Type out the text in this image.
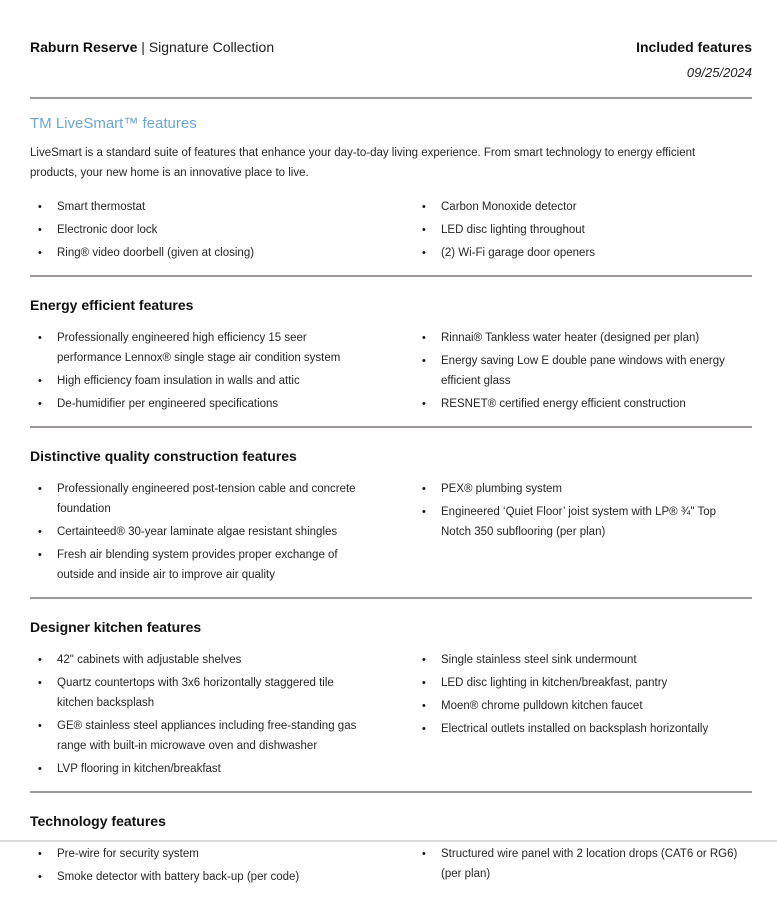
Raburn Reserve | Signature Collection	Included features
09/25/2024
TM LiveSmart™ features

LiveSmart is a standard suite of features that enhance your day-to-day living experience. From smart technology to energy efficient products, your new home is an innovative place to live.

• Smart thermostat
• Electronic door lock
• Ring® video doorbell (given at closing)
• Carbon Monoxide detector
• LED disc lighting throughout
• (2) Wi-Fi garage door openers
Energy efficient features
• Professionally engineered high efficiency 15 seer performance Lennox® single stage air condition system
• High efficiency foam insulation in walls and attic
• De-humidifier per engineered specifications
• Rinnai® Tankless water heater (designed per plan)
• Energy saving Low E double pane windows with energy efficient glass
• RESNET® certified energy efficient construction
Distinctive quality construction features
• Professionally engineered post-tension cable and concrete foundation
• Certainteed® 30-year laminate algae resistant shingles
• Fresh air blending system provides proper exchange of outside and inside air to improve air quality
• PEX® plumbing system
• Engineered ‘Quiet Floor’ joist system with LP® ¾" Top Notch 350 subflooring (per plan)
Designer kitchen features
• 42" cabinets with adjustable shelves
• Quartz countertops with 3x6 horizontally staggered tile kitchen backsplash
• GE® stainless steel appliances including free-standing gas range with built-in microwave oven and dishwasher
• LVP flooring in kitchen/breakfast
• Single stainless steel sink undermount
• LED disc lighting in kitchen/breakfast, pantry
• Moen® chrome pulldown kitchen faucet
• Electrical outlets installed on backsplash horizontally
Technology features
• Pre-wire for security system
• Smoke detector with battery back-up (per code)
• Structured wire panel with 2 location drops (CAT6 or RG6) (per plan)
